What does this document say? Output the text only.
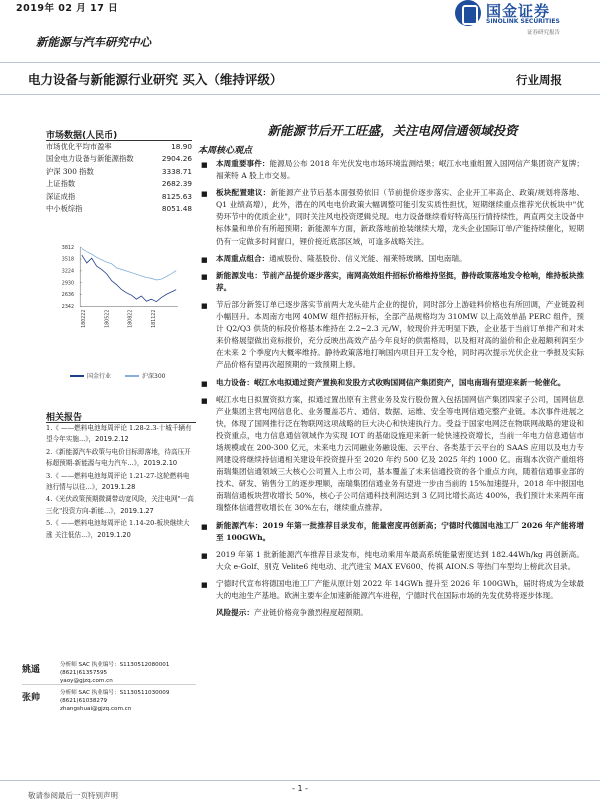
2019年 02 月 17 日
新能源与汽车研究中心
国金证券
SINOLINK SECURITIES
证券研究报告
电力设备与新能源行业研究 买入（维持评级）	行业周报
市场数据(人民币)
市场优化平均市盈率	18.90
国金电力设备与新能源指数	2904.26
沪深 300 指数	3338.71
上证指数	2682.39
深证成指	8125.63
中小板综指	8051.48
3812
3518
3224
2930
2636
2342
180222	180522	180822	181122
国金行业	沪深300
相关报告
1.《 ——燃料电池每周评论 1.28-2.3-十城千辆有望今年实施...》，2019.2.12
2.《新能源汽车政策与电价目标即落地，待高压开标超预期-新能源与电力汽车...》，2019.2.10
3.《 ——燃料电池每周评论 1.21-27-这轮燃料电池行情与以往...》，2019.1.28
4.《光伏政策预期微调带动宽风险，关注电网"一高三化"投资方向-新能...》，2019.1.27
5.《 ——燃料电池每周评论 1.14-20-板块继续大涨 关注低估...》，2019.1.20
姚遥	分析师 SAC 执业编号：S1130512080001
(8621)61357595
yaoy@gjzq.com.cn
张帅	分析师 SAC 执业编号：S1130511030009
(8621)61038279
zhangshuai@gjzq.com.cn
新能源节后开工旺盛，关注电网信通领域投资
本周核心观点
■ 本周重要事件：能源局公布 2018 年光伏发电市场环境监测结果；岷江水电重组置入国网信产集团资产复牌；福莱特 A 股上市交易。
■ 板块配置建议：新能源产业节后基本面强势依旧（节前提价逐步落实、企业开工率高企、政策/规划将落地、Q1 业绩高增），此外，潜在的风电电价政策大幅调整可能引发实质性担忧，短期继续重点推荐光伏板块中"优势环节中的优质企业"，同时关注风电投资逻辑兑现。电力设备继续看好特高压行情持续性，两直两交主设备中标体量和单价有所超预期；新能源车方面，新政落地前抢装继续大增，龙头企业国际订单/产能持续催化，短期仍有一定做多时间窗口，锂价接近底部区域，可逢多战略关注。
■ 本周重点组合：通威股份、隆基股份、信义光能、福莱特玻璃、国电南瑞。
■ 新能源发电：节前产品提价逐步落实，南网高效组件招标价格维持坚挺，静待政策落地发令枪响，维持板块推荐。
■ 节后部分新签订单已逐步落实节前两大龙头硅片企业的提价，同时部分上游硅料价格也有所回调，产业链盈利小幅回升。本周南方电网 40MW 组件招标开标，全部产品规格均为 310MW 以上高效单晶 PERC 组件，预计 Q2/Q3 供货的标段价格基本维持在 2.2~2.3 元/W，较现价并无明显下跌，企业基于当前订单排产和对未来价格展望做出竞标报价，充分反映出高效产品今年良好的供需格局，以及相对高的溢价和企业超额利润至少在未来 2 个季度内大概率维持。静待政策落地打响国内项目开工发令枪，同时再次提示光伏企业一季报及实际产品价格有望再次超预期的一致预期上修。
■ 电力设备：岷江水电拟通过资产置换和发股方式收购国网信产集团资产，国电南瑞有望迎来新一轮催化。
■ 岷江水电日拟置资拟方案，拟通过置出原有主营业务及发行股份置入包括国网信产集团四家子公司，国网信息产业集团主营电网信息化、业务覆盖芯片、通信、数据、运维、安全等电网信通完整产业链。本次事件进展之快，体现了国网推行泛在物联网这项战略的巨大决心和快速执行力。受益于国家电网泛在物联网战略的建设和投资重点，电力信息通信领域作为实现 IOT 的基础设施迎来新一轮快速投资增长，当前一年电力信息通信市场规模或在 200-300 亿元，未来电力云同融业务融设施、云平台、各类基于云平台的 SAAS 应用以及电力专网建设将继续持信通相关建设年投资提升至 2020 年约 500 亿及 2025 年约 1000 亿。南瑞本次资产重组将南瑞集团信通领域三大核心公司置入上市公司，基本覆盖了未来信通投资的各个重点方向，随着信通事业部的技术、研发、销售分工的逐步理顺，南瑞集团信通业务有望进一步由当前的 15%加速提升，2018 年中报国电南瑞信通板块营收增长 50%，核心子公司信通科技利润达到 3 亿同比增长高达 400%，我们预计未来两年南瑞整体信通营收增长在 30%左右，继续重点推荐。
■ 新能源汽车：2019 年第一批推荐目录发布，能量密度再创新高；宁德时代德国电池工厂 2026 年产能将增至 100GWh。
■ 2019 年第 1 批新能源汽车推荐目录发布，纯电动乘用车最高系统能量密度达到 182.44Wh/kg 再创新高。大众 e-Golf、别克 Velite6 纯电动、北汽进宝 MAX EV600、传祺 AION.S 等热门车型均上榜此次目录。
■ 宁德时代宣布将德国电池工厂产能从原计划 2022 年 14GWh 提升至 2026 年 100GWh，届时将成为全球最大的电池生产基地。欧洲主要车企加速新能源汽车进程，宁德时代在国际市场的先发优势将逐步体现。
风险提示：产业链价格竞争激烈程度超预期。
- 1 -
敬请参阅最后一页特别声明
